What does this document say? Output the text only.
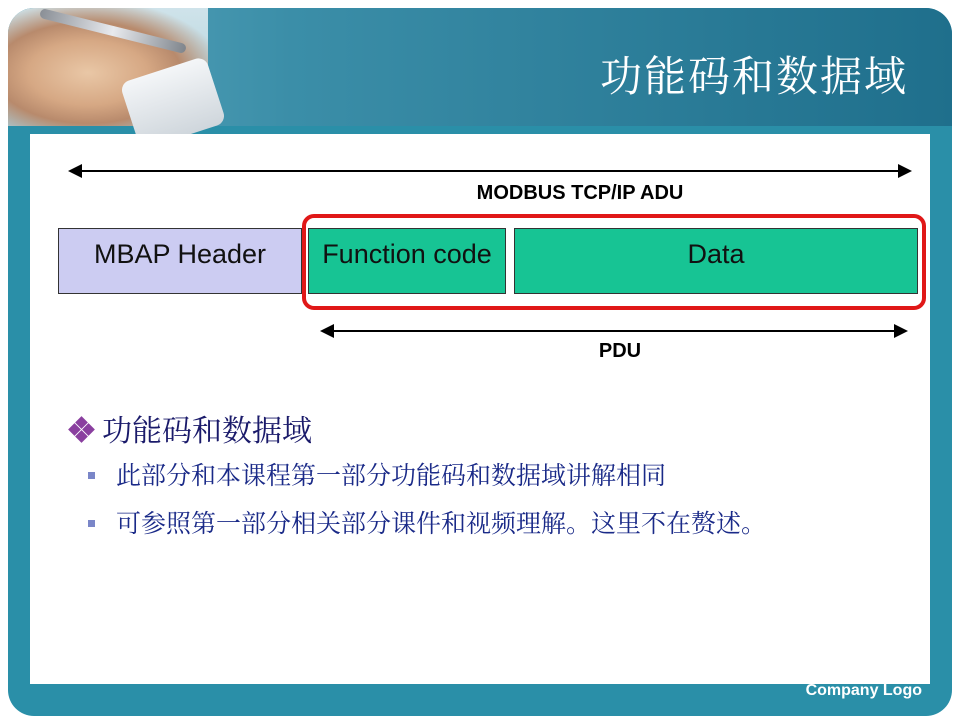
功能码和数据域
MODBUS TCP/IP ADU
MBAP Header	Function code	Data
PDU
功能码和数据域
此部分和本课程第一部分功能码和数据域讲解相同
可参照第一部分相关部分课件和视频理解。这里不在赘述。
嵌入式程序猿
Company Logo
